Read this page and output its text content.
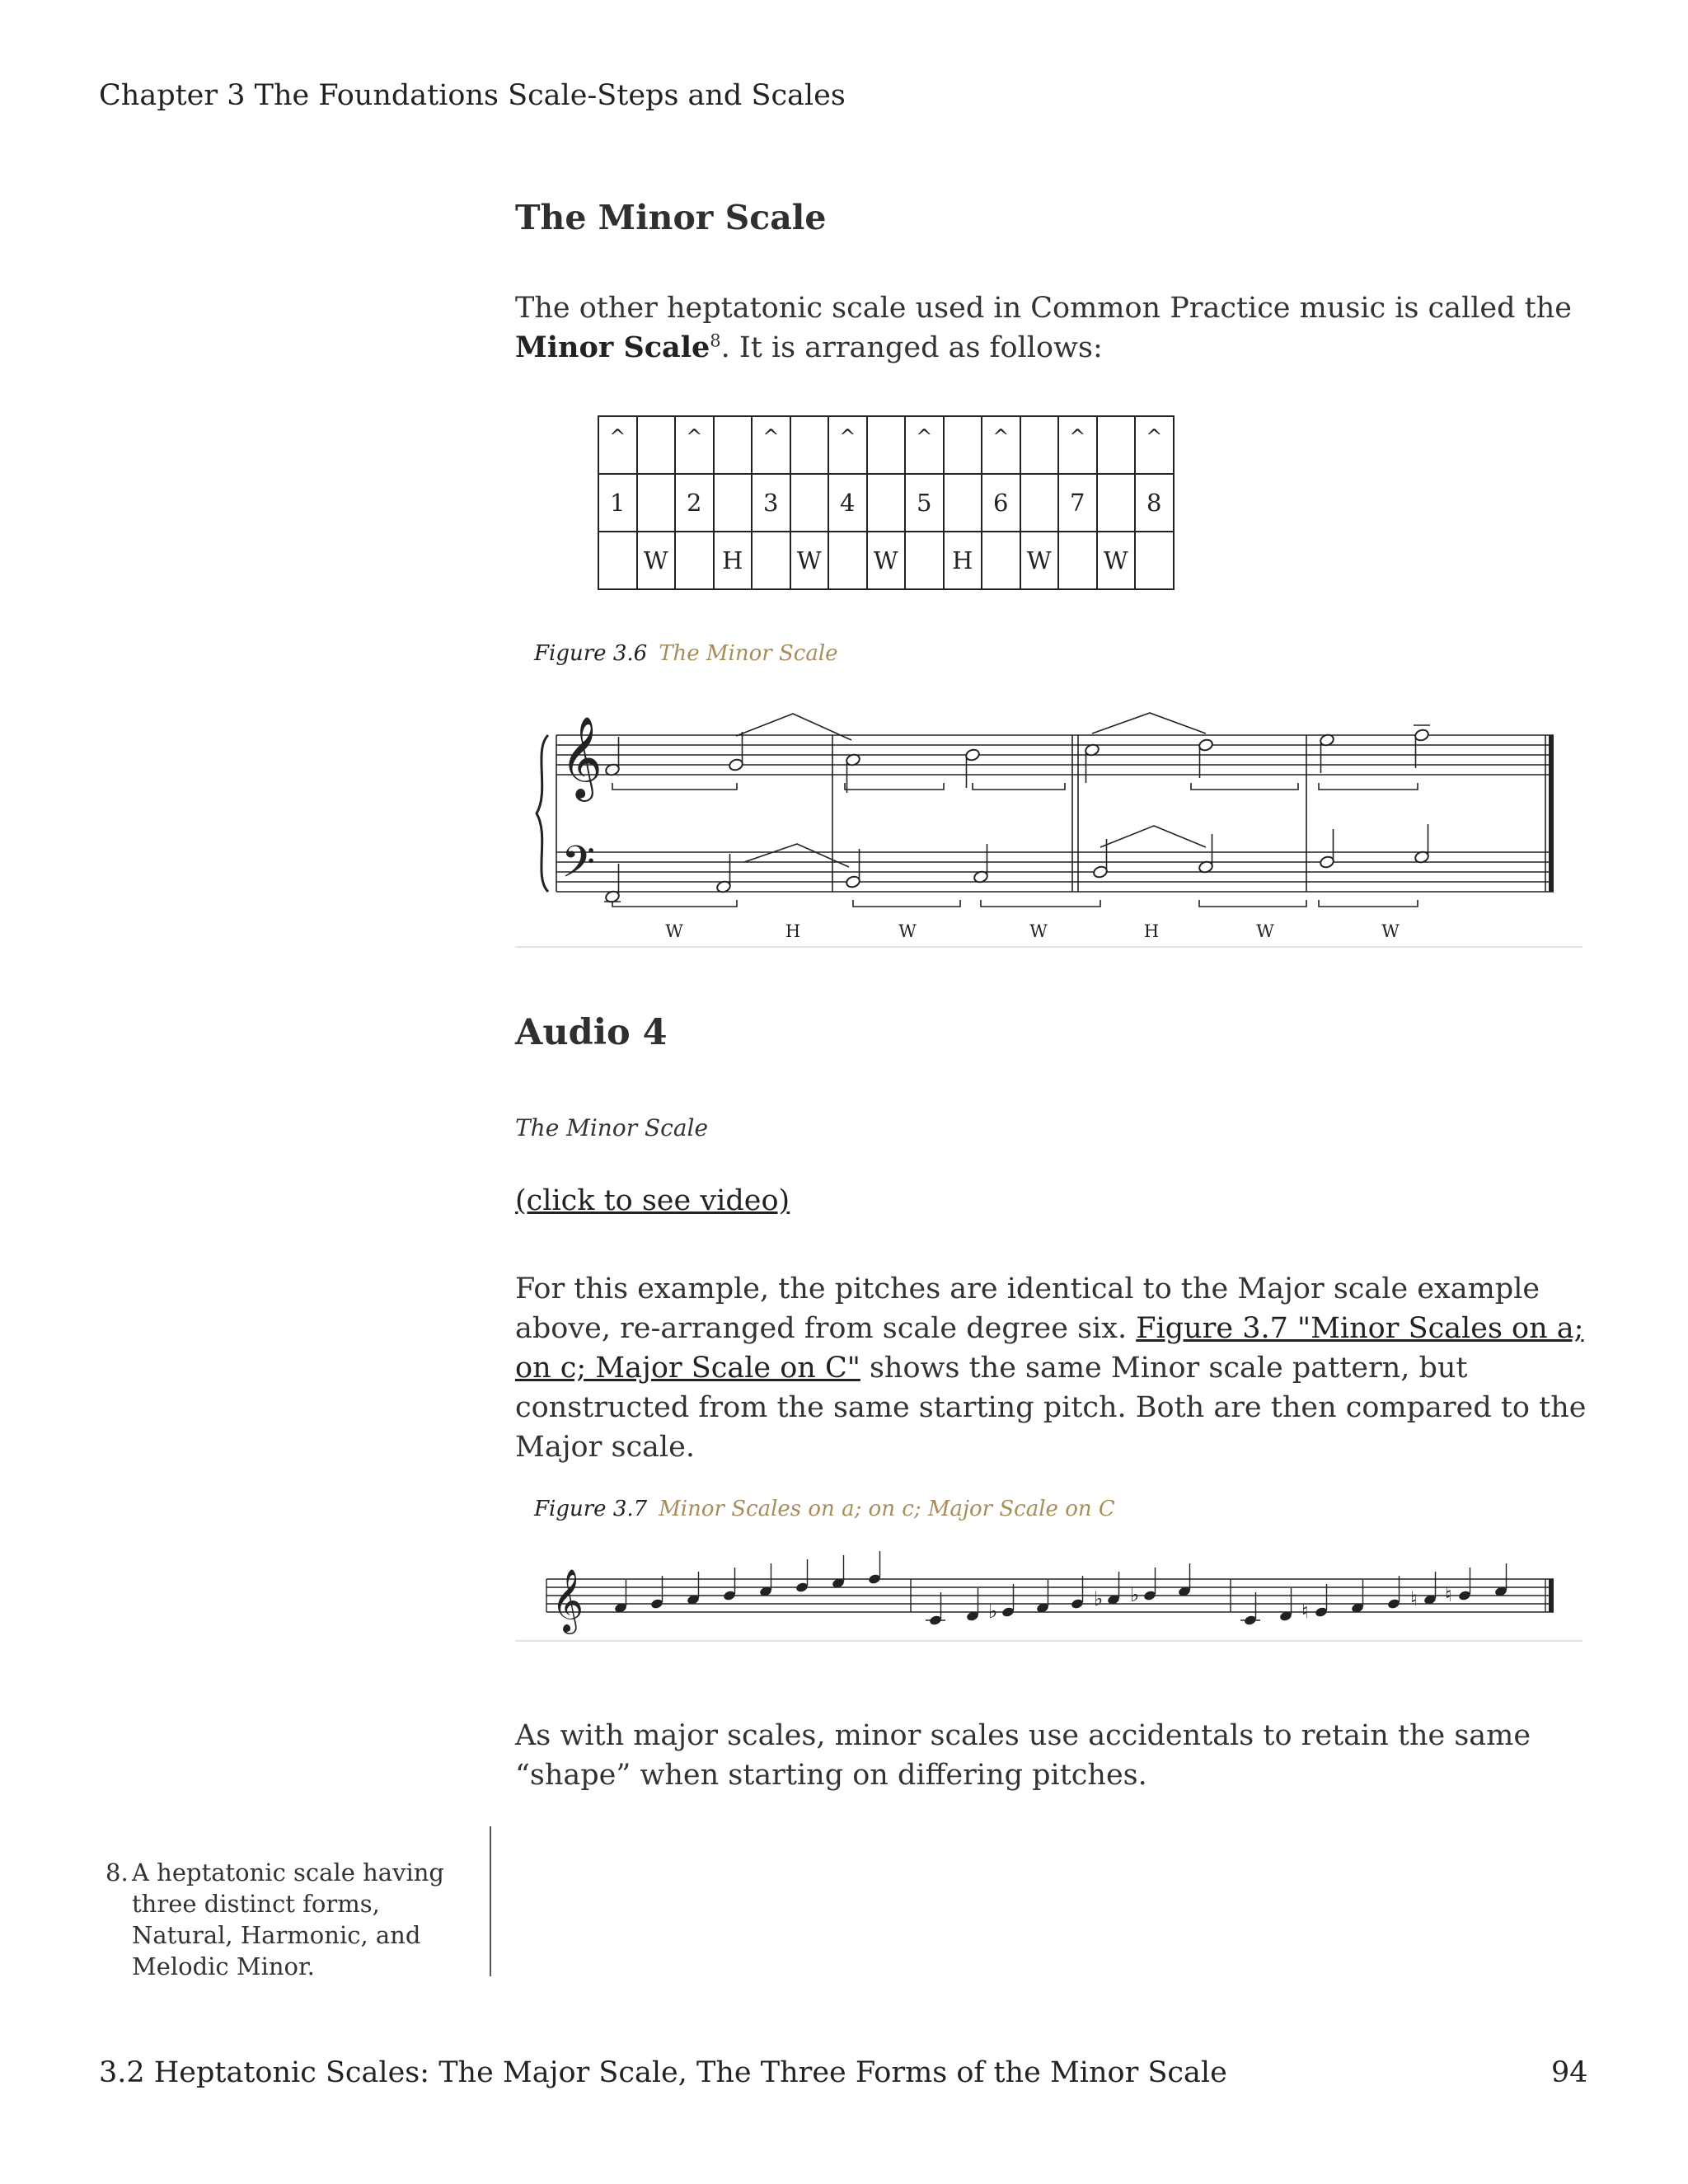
Chapter 3 The Foundations Scale-Steps and Scales
The Minor Scale
The other heptatonic scale used in Common Practice music is called the Minor Scale$^8$. It is arranged as follows:
^		^		^		^		^		^		^		^
1		2		3		4		5		6		7		8
	W		H		W		W		H		W		W	
Figure 3.6 The Minor Scale
𝄞
𝄢
W	H	W	W	H	W	W
Audio 4
The Minor Scale
(click to see video)
For this example, the pitches are identical to the Major scale example above, re-arranged from scale degree six. Figure 3.7 "Minor Scales on a; on c; Major Scale on C" shows the same Minor scale pattern, but constructed from the same starting pitch. Both are then compared to the Major scale.
Figure 3.7 Minor Scales on a; on c; Major Scale on C
𝄞	♭
♭ ♭
♮
♮ ♮
As with major scales, minor scales use accidentals to retain the same “shape” when starting on differing pitches.
8. A heptatonic scale having three distinct forms, Natural, Harmonic, and Melodic Minor.
3.2 Heptatonic Scales: The Major Scale, The Three Forms of the Minor Scale	94
